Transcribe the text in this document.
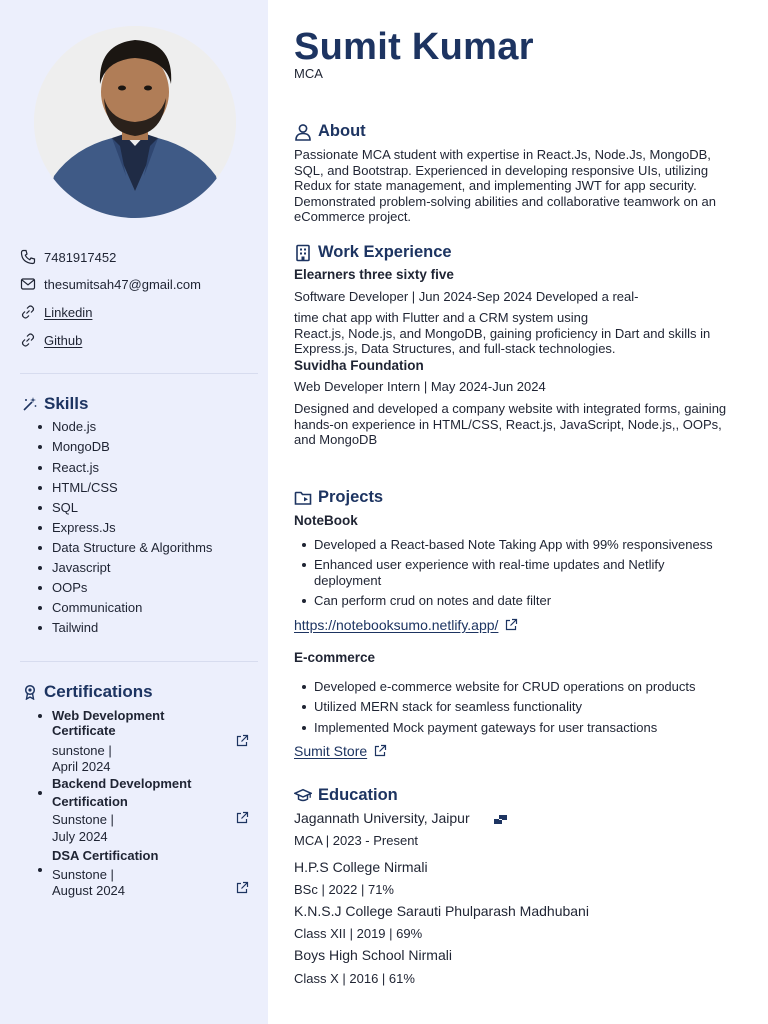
7481917452
thesumitsah47@gmail.com
Linkedin
Github
Skills
Node.js
MongoDB
React.js
HTML/CSS
SQL
Express.Js
Data Structure & Algorithms
Javascript
OOPs
Communication
Tailwind
Certifications
Web Development
Certificate
sunstone |
April 2024
Backend Development
Certification
Sunstone |
July 2024
DSA Certification
Sunstone |
August 2024
Sumit Kumar
MCA
About
Passionate MCA student with expertise in React.Js, Node.Js, MongoDB,
SQL, and Bootstrap. Experienced in developing responsive UIs, utilizing
Redux for state management, and implementing JWT for app security.
Demonstrated problem-solving abilities and collaborative teamwork on an
eCommerce project.
Work Experience
Elearners three sixty five
Software Developer | Jun 2024-Sep 2024 Developed a real-
time chat app with Flutter and a CRM system using
React.js, Node.js, and MongoDB, gaining proficiency in Dart and skills in
Express.js, Data Structures, and full-stack technologies.
Suvidha Foundation
Web Developer Intern | May 2024-Jun 2024
Designed and developed a company website with integrated forms, gaining
hands-on experience in HTML/CSS, React.js, JavaScript, Node.js,, OOPs,
and MongoDB
Projects
NoteBook
Developed a React-based Note Taking App with 99% responsiveness
Enhanced user experience with real-time updates and Netlify
deployment
Can perform crud on notes and date filter
https://notebooksumo.netlify.app/
E-commerce
Developed e-commerce website for CRUD operations on products
Utilized MERN stack for seamless functionality
Implemented Mock payment gateways for user transactions
Sumit Store
Education
Jagannath University, Jaipur
MCA | 2023 - Present
H.P.S College Nirmali
BSc | 2022 | 71%
K.N.S.J College Sarauti Phulparash Madhubani
Class XII | 2019 | 69%
Boys High School Nirmali
Class X | 2016 | 61%
